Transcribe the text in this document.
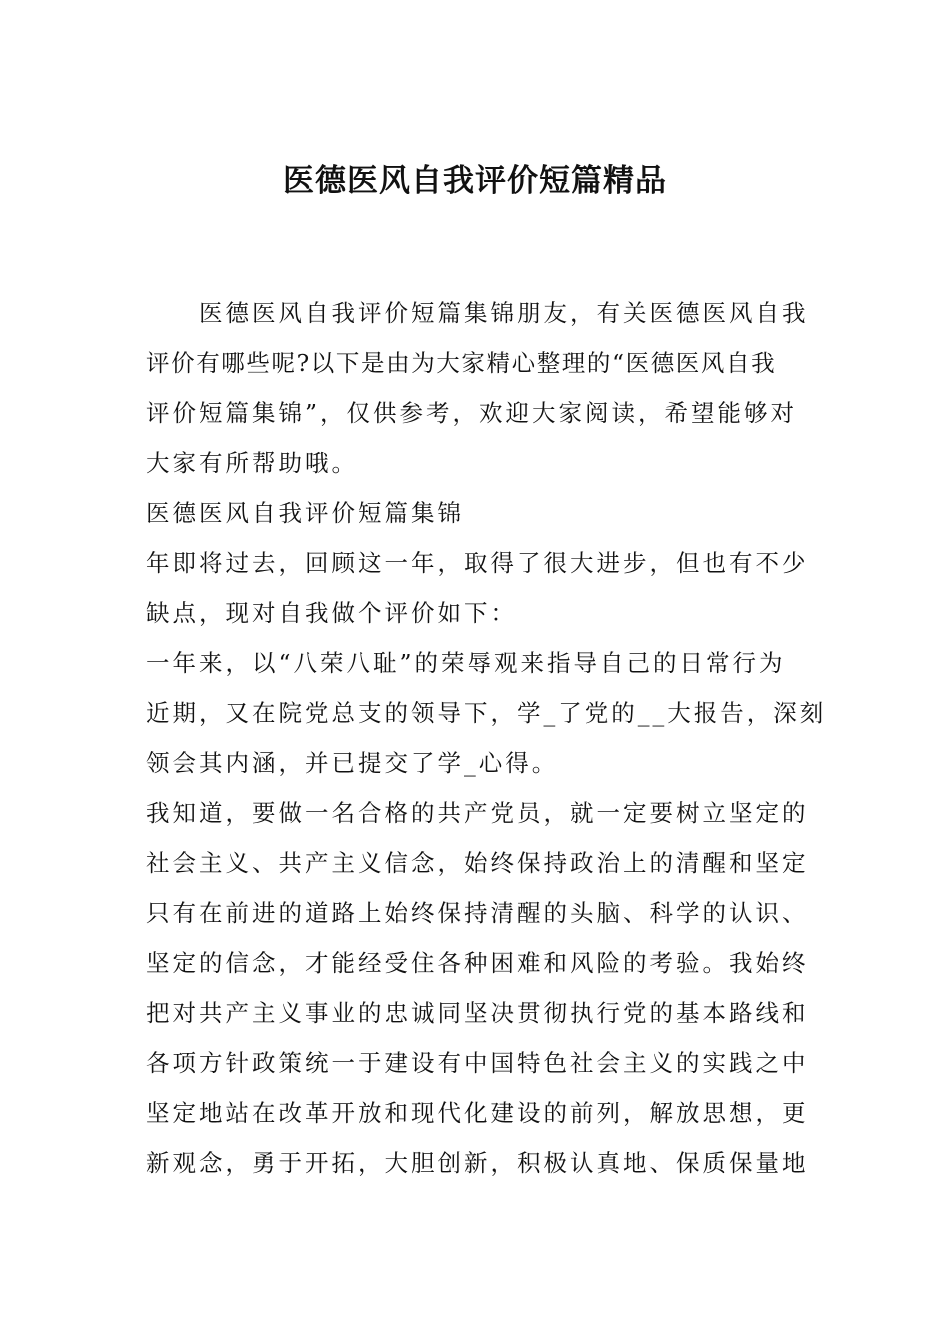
医德医风自我评价短篇精品

　　医德医风自我评价短篇集锦朋友，有关医德医风自我

评价有哪些呢?以下是由为大家精心整理的“医德医风自我

评价短篇集锦”，仅供参考，欢迎大家阅读，希望能够对

大家有所帮助哦。

医德医风自我评价短篇集锦

年即将过去，回顾这一年，取得了很大进步，但也有不少

缺点，现对自我做个评价如下：

一年来，以“八荣八耻”的荣辱观来指导自己的日常行为

近期，又在院党总支的领导下，学_了党的__大报告，深刻

领会其内涵，并已提交了学_心得。

我知道，要做一名合格的共产党员，就一定要树立坚定的

社会主义、共产主义信念，始终保持政治上的清醒和坚定

只有在前进的道路上始终保持清醒的头脑、科学的认识、

坚定的信念，才能经受住各种困难和风险的考验。我始终

把对共产主义事业的忠诚同坚决贯彻执行党的基本路线和

各项方针政策统一于建设有中国特色社会主义的实践之中

坚定地站在改革开放和现代化建设的前列，解放思想，更

新观念，勇于开拓，大胆创新，积极认真地、保质保量地
